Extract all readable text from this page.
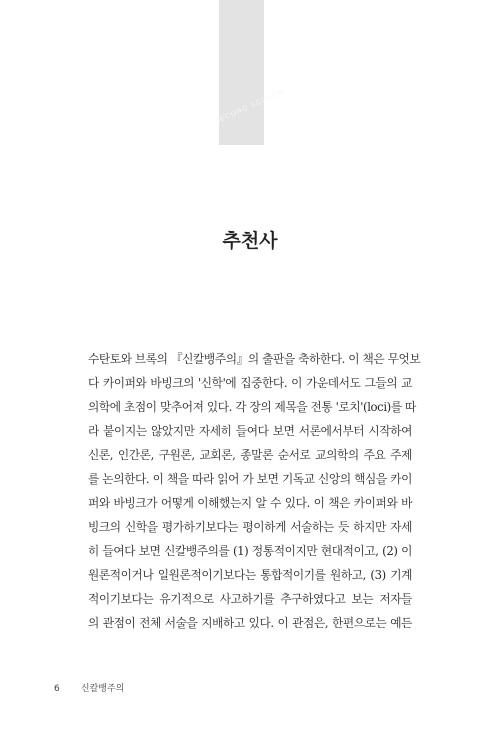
SECOND EDITION
추천사
수탄토와 브록의 『신칼뱅주의』의 출판을 축하한다. 이 책은 무엇보
다 카이퍼와 바빙크의 '신학'에 집중한다. 이 가운데서도 그들의 교
의학에 초점이 맞추어져 있다. 각 장의 제목을 전통 '로치'(loci)를 따
라 붙이지는 않았지만 자세히 들여다 보면 서론에서부터 시작하여
신론, 인간론, 구원론, 교회론, 종말론 순서로 교의학의 주요 주제
를 논의한다. 이 책을 따라 읽어 가 보면 기독교 신앙의 핵심을 카이
퍼와 바빙크가 어떻게 이해했는지 알 수 있다. 이 책은 카이퍼와 바
빙크의 신학을 평가하기보다는 평이하게 서술하는 듯 하지만 자세
히 들여다 보면 신칼뱅주의를 (1) 정통적이지만 현대적이고, (2) 이
원론적이거나 일원론적이기보다는 통합적이기를 원하고, (3) 기계
적이기보다는 유기적으로 사고하기를 추구하였다고 보는 저자들
의 관점이 전체 서술을 지배하고 있다. 이 관점은, 한편으로는 예든
6 신칼뱅주의
